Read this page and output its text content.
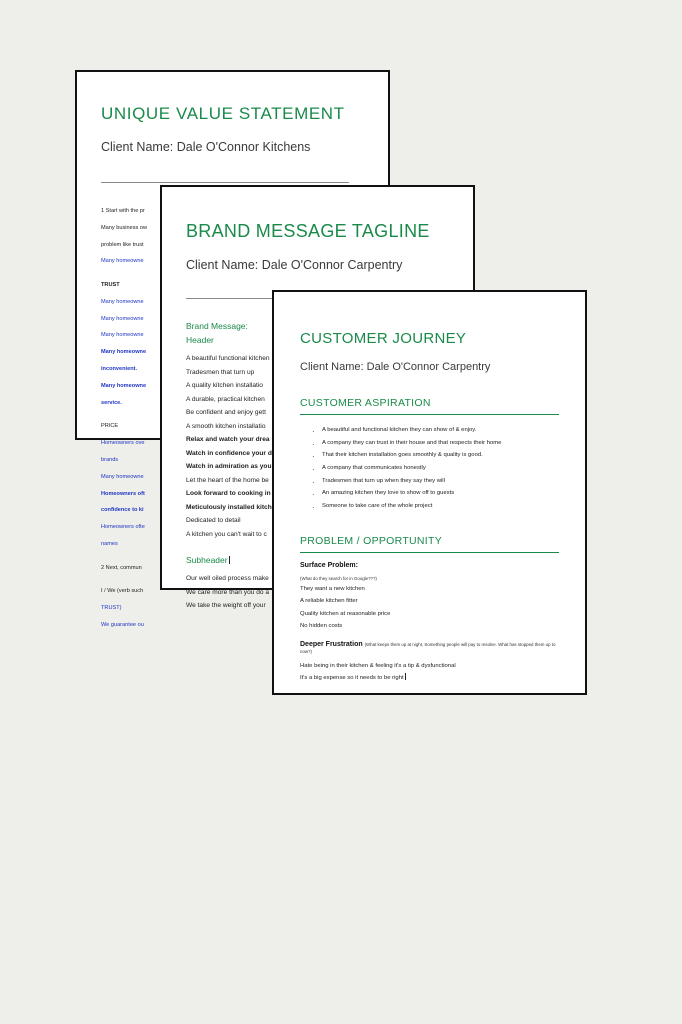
UNIQUE VALUE STATEMENT
Client Name: Dale O'Connor Kitchens

1 Start with the pr

Many business ow

problem like trust

Many homeowne

TRUST

Many homeowne

Many homeowne

Many homeowne

Many homeowne

inconvenient.

Many homeowne

service.

PRICE

Homeowners ove

brands

Many homeowne

Homeowners oft

confidence to ki

Homeowners ofte

names

2 Next, commun

I / We (verb such

TRUST)

We guarantee ou

BRAND MESSAGE TAGLINE
Client Name: Dale O'Connor Carpentry
Brand Message:
Header
A beautiful functional kitchen
Tradesmen that turn up
A quality kitchen installatio
A durable, practical kitchen
Be confident and enjoy gett
A smooth kitchen installatio
Relax and watch your drea
Watch in confidence your d
Watch in admiration as you
Let the heart of the home be
Look forward to cooking in
Meticulously installed kitch
Dedicated to detail
A kitchen you can't wait to c
Subheader
Our well oiled process make
We care more than you do a
We take the weight off your
CUSTOMER JOURNEY
Client Name: Dale O'Connor Carpentry
CUSTOMER ASPIRATION
· A beautiful and functional kitchen they can show of & enjoy.
· A company they can trust in their house and that respects their home
· That their kitchen installation goes smoothly & quality is good.
· A company that communicates honestly
· Tradesmen that turn up when they say they will
· An amazing kitchen they love to show off to guests
· Someone to take care of the whole project
PROBLEM / OPPORTUNITY
Surface Problem:
(What do they search for in Google???)
They want a new kitchen
A reliable kitchen fitter
Quality kitchen at reasonable price
No hidden costs
Deeper Frustration (What keeps them up at night, Something people will pay to resolve. What has stopped them up to now?)
Hate being in their kitchen & feeling it's a tip & dysfunctional
It's a big expense so it needs to be right
